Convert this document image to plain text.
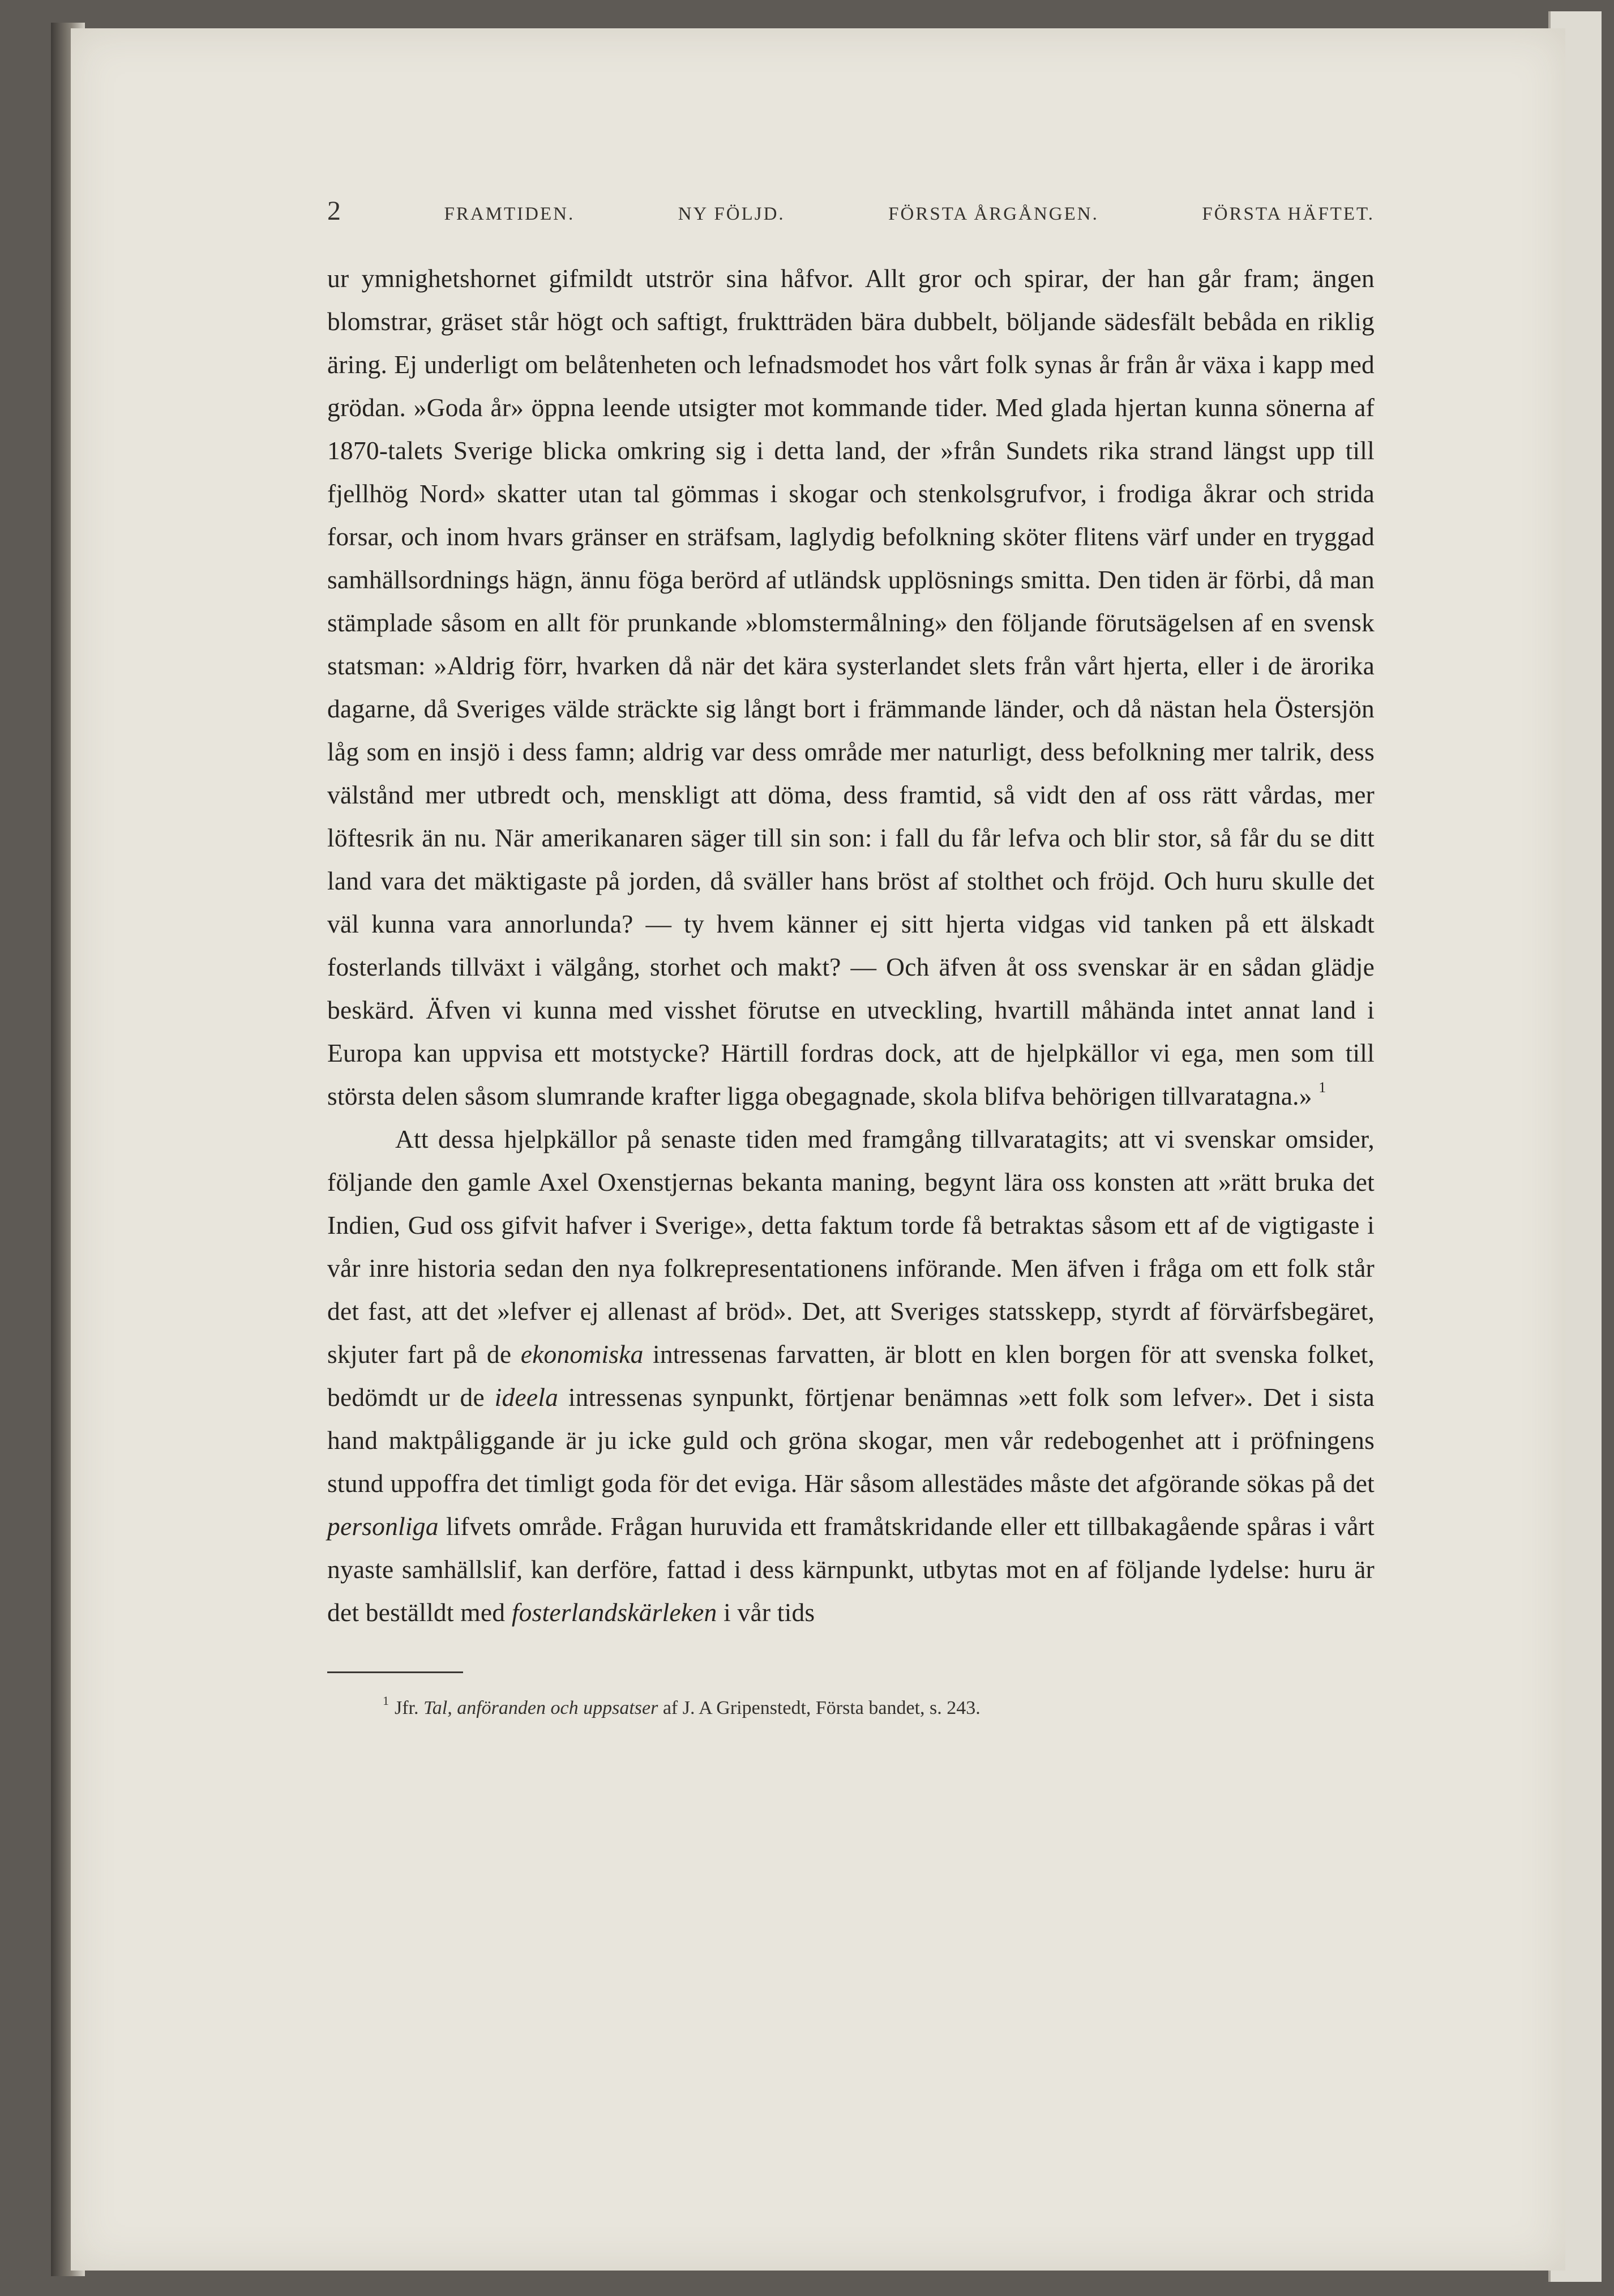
2	FRAMTIDEN.	NY FÖLJD.	FÖRSTA ÅRGÅNGEN.	FÖRSTA HÄFTET.

ur ymnighetshornet gifmildt utströr sina håfvor. Allt gror och spirar, der han går fram; ängen blomstrar, gräset står högt och saftigt, fruktträden bära dubbelt, böljande sädesfält bebåda en riklig äring. Ej underligt om belåtenheten och lefnadsmodet hos vårt folk synas år från år växa i kapp med grödan. »Goda år» öppna leende utsigter mot kommande tider. Med glada hjertan kunna sönerna af 1870-talets Sverige blicka omkring sig i detta land, der »från Sundets rika strand längst upp till fjellhög Nord» skatter utan tal gömmas i skogar och stenkolsgrufvor, i frodiga åkrar och strida forsar, och inom hvars gränser en sträfsam, laglydig befolkning sköter flitens värf under en tryggad samhällsordnings hägn, ännu föga berörd af utländsk upplösnings smitta. Den tiden är förbi, då man stämplade såsom en allt för prunkande »blomstermålning» den följande förutsägelsen af en svensk statsman: »Aldrig förr, hvarken då när det kära systerlandet slets från vårt hjerta, eller i de ärorika dagarne, då Sveriges välde sträckte sig långt bort i främmande länder, och då nästan hela Östersjön låg som en insjö i dess famn; aldrig var dess område mer naturligt, dess befolkning mer talrik, dess välstånd mer utbredt och, menskligt att döma, dess framtid, så vidt den af oss rätt vårdas, mer löftesrik än nu. När amerikanaren säger till sin son: i fall du får lefva och blir stor, så får du se ditt land vara det mäktigaste på jorden, då sväller hans bröst af stolthet och fröjd. Och huru skulle det väl kunna vara annorlunda? — ty hvem känner ej sitt hjerta vidgas vid tanken på ett älskadt fosterlands tillväxt i välgång, storhet och makt? — Och äfven åt oss svenskar är en sådan glädje beskärd. Äfven vi kunna med visshet förutse en utveckling, hvartill måhända intet annat land i Europa kan uppvisa ett motstycke? Härtill fordras dock, att de hjelpkällor vi ega, men som till största delen såsom slumrande krafter ligga obegagnade, skola blifva behörigen tillvaratagna.» $^1$

Att dessa hjelpkällor på senaste tiden med framgång tillvaratagits; att vi svenskar omsider, följande den gamle Axel Oxenstjernas bekanta maning, begynt lära oss konsten att »rätt bruka det Indien, Gud oss gifvit hafver i Sverige», detta faktum torde få betraktas såsom ett af de vigtigaste i vår inre historia sedan den nya folkrepresentationens införande. Men äfven i fråga om ett folk står det fast, att det »lefver ej allenast af bröd». Det, att Sveriges statsskepp, styrdt af förvärfsbegäret, skjuter fart på de ekonomiska intressenas farvatten, är blott en klen borgen för att svenska folket, bedömdt ur de ideela intressenas synpunkt, förtjenar benämnas »ett folk som lefver». Det i sista hand maktpåliggande är ju icke guld och gröna skogar, men vår redebogenhet att i pröfningens stund uppoffra det timligt goda för det eviga. Här såsom allestädes måste det afgörande sökas på det personliga lifvets område. Frågan huruvida ett framåtskridande eller ett tillbakagående spåras i vårt nyaste samhällslif, kan derföre, fattad i dess kärnpunkt, utbytas mot en af följande lydelse: huru är det beställdt med fosterlandskärleken i vår tids

$^1$ Jfr. Tal, anföranden och uppsatser af J. A Gripenstedt, Första bandet, s. 243.
